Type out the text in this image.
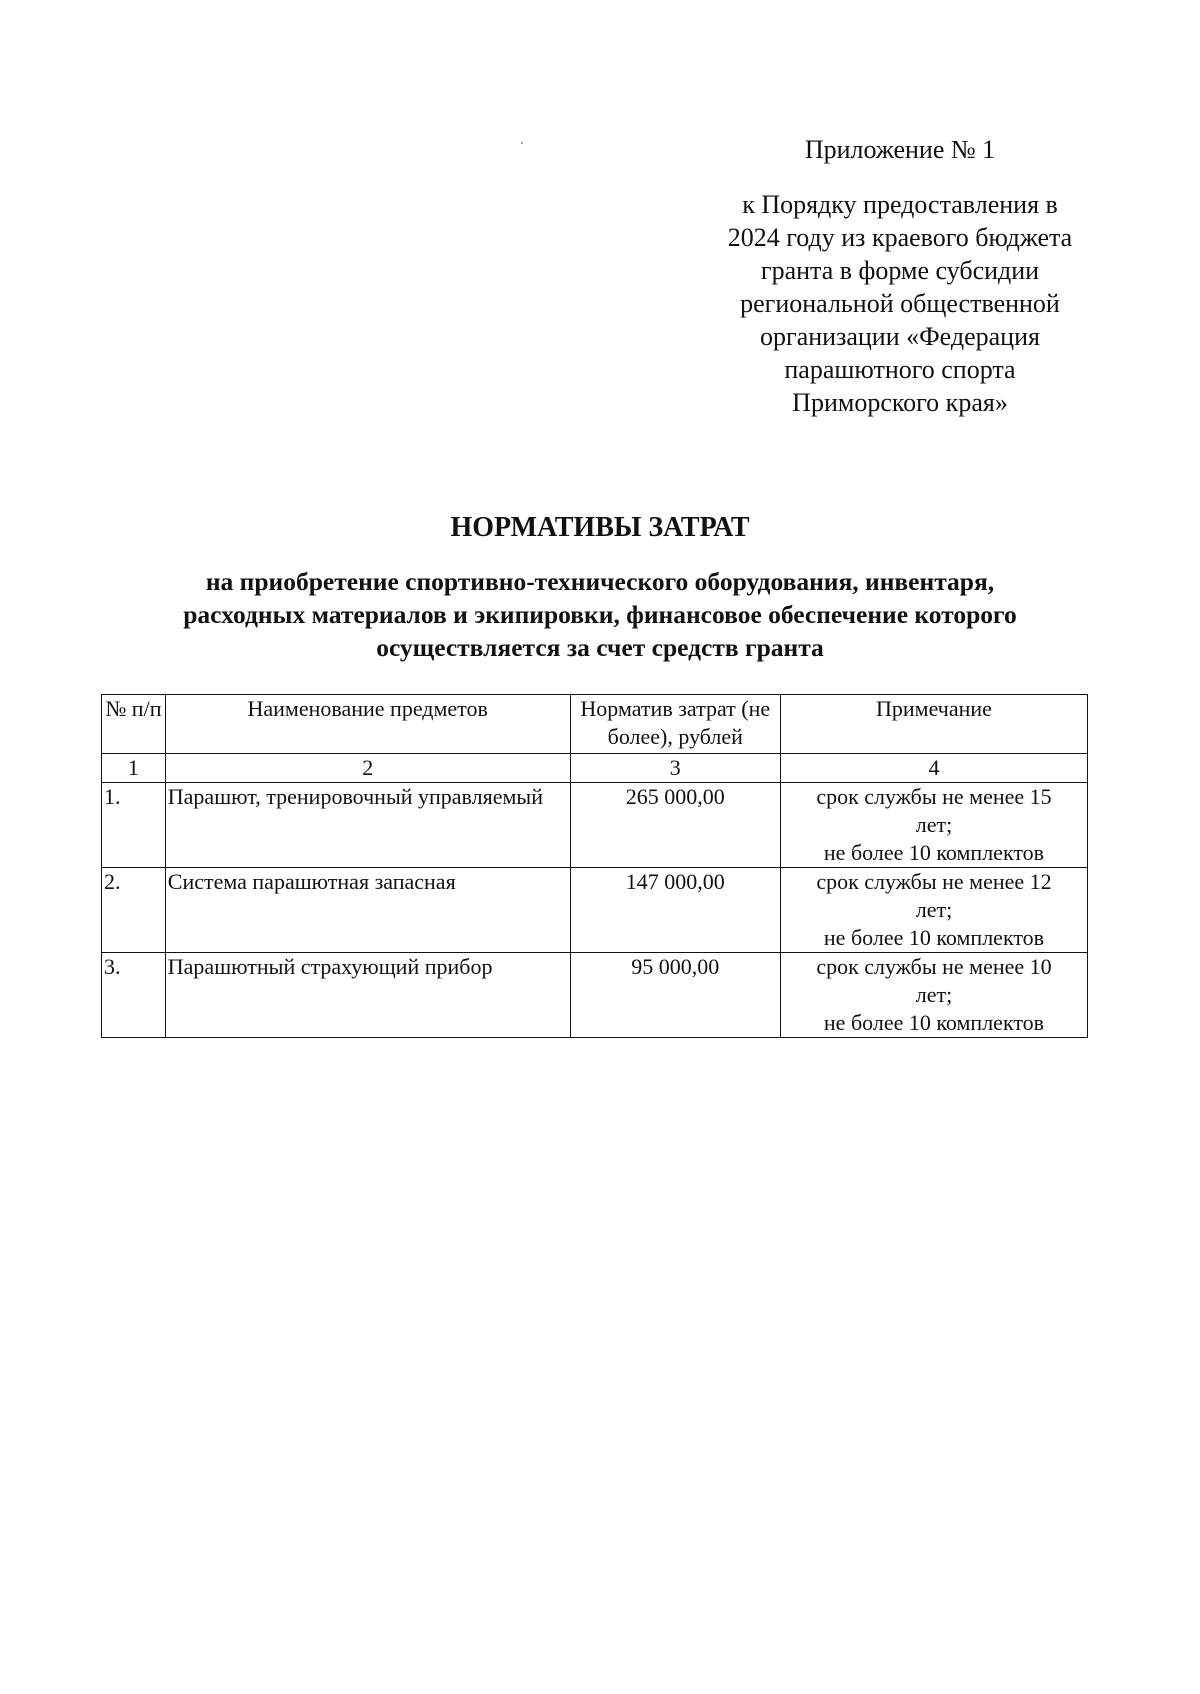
Приложение № 1
к Порядку предоставления в
2024 году из краевого бюджета
гранта в форме субсидии
региональной общественной
организации «Федерация
парашютного спорта
Приморского края»
НОРМАТИВЫ ЗАТРАТ
на приобретение спортивно-технического оборудования, инвентаря,
расходных материалов и экипировки, финансовое обеспечение которого
осуществляется за счет средств гранта
№ п/п	Наименование предметов	Норматив затрат (не более), рублей	Примечание
1	2	3	4
1.	Парашют, тренировочный управляемый	265 000,00	срок службы не менее 15
лет;
не более 10 комплектов

2.	Система парашютная запасная	147 000,00	срок службы не менее 12
лет;
не более 10 комплектов

3.	Парашютный страхующий прибор	95 000,00	срок службы не менее 10
лет;
не более 10 комплектов
